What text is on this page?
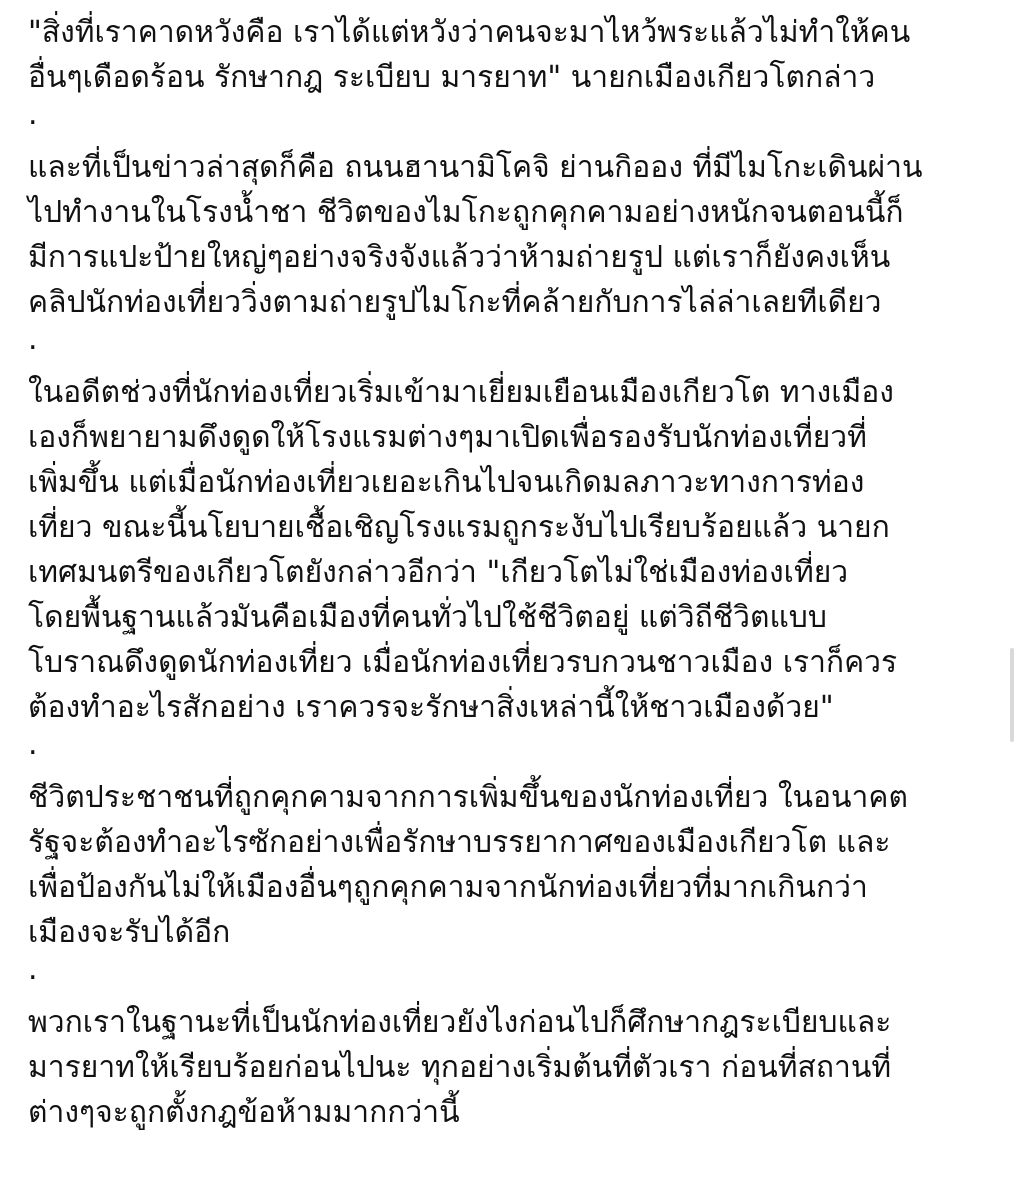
"สิ่งที่เราคาดหวังคือ เราได้แต่หวังว่าคนจะมาไหว้พระแล้วไม่ทำให้คน
อื่นๆเดือดร้อน รักษากฎ ระเบียบ มารยาท" นายกเมืองเกียวโตกล่าว
.
และที่เป็นข่าวล่าสุดก็คือ ถนนฮานามิโคจิ ย่านกิออง ที่มีไมโกะเดินผ่าน
ไปทำงานในโรงน้ำชา ชีวิตของไมโกะถูกคุกคามอย่างหนักจนตอนนี้ก็
มีการแปะป้ายใหญ่ๆอย่างจริงจังแล้วว่าห้ามถ่ายรูป แต่เราก็ยังคงเห็น
คลิปนักท่องเที่ยววิ่งตามถ่ายรูปไมโกะที่คล้ายกับการไล่ล่าเลยทีเดียว
.
ในอดีตช่วงที่นักท่องเที่ยวเริ่มเข้ามาเยี่ยมเยือนเมืองเกียวโต ทางเมือง
เองก็พยายามดึงดูดให้โรงแรมต่างๆมาเปิดเพื่อรองรับนักท่องเที่ยวที่
เพิ่มขึ้น แต่เมื่อนักท่องเที่ยวเยอะเกินไปจนเกิดมลภาวะทางการท่อง
เที่ยว ขณะนี้นโยบายเชื้อเชิญโรงแรมถูกระงับไปเรียบร้อยแล้ว นายก
เทศมนตรีของเกียวโตยังกล่าวอีกว่า "เกียวโตไม่ใช่เมืองท่องเที่ยว
โดยพื้นฐานแล้วมันคือเมืองที่คนทั่วไปใช้ชีวิตอยู่ แต่วิถีชีวิตแบบ
โบราณดึงดูดนักท่องเที่ยว เมื่อนักท่องเที่ยวรบกวนชาวเมือง เราก็ควร
ต้องทำอะไรสักอย่าง เราควรจะรักษาสิ่งเหล่านี้ให้ชาวเมืองด้วย"
.
ชีวิตประชาชนที่ถูกคุกคามจากการเพิ่มขึ้นของนักท่องเที่ยว ในอนาคต
รัฐจะต้องทำอะไรซักอย่างเพื่อรักษาบรรยากาศของเมืองเกียวโต และ
เพื่อป้องกันไม่ให้เมืองอื่นๆถูกคุกคามจากนักท่องเที่ยวที่มากเกินกว่า
เมืองจะรับได้อีก
.
พวกเราในฐานะที่เป็นนักท่องเที่ยวยังไงก่อนไปก็ศึกษากฎระเบียบและ
มารยาทให้เรียบร้อยก่อนไปนะ ทุกอย่างเริ่มต้นที่ตัวเรา ก่อนที่สถานที่
ต่างๆจะถูกตั้งกฎข้อห้ามมากกว่านี้
